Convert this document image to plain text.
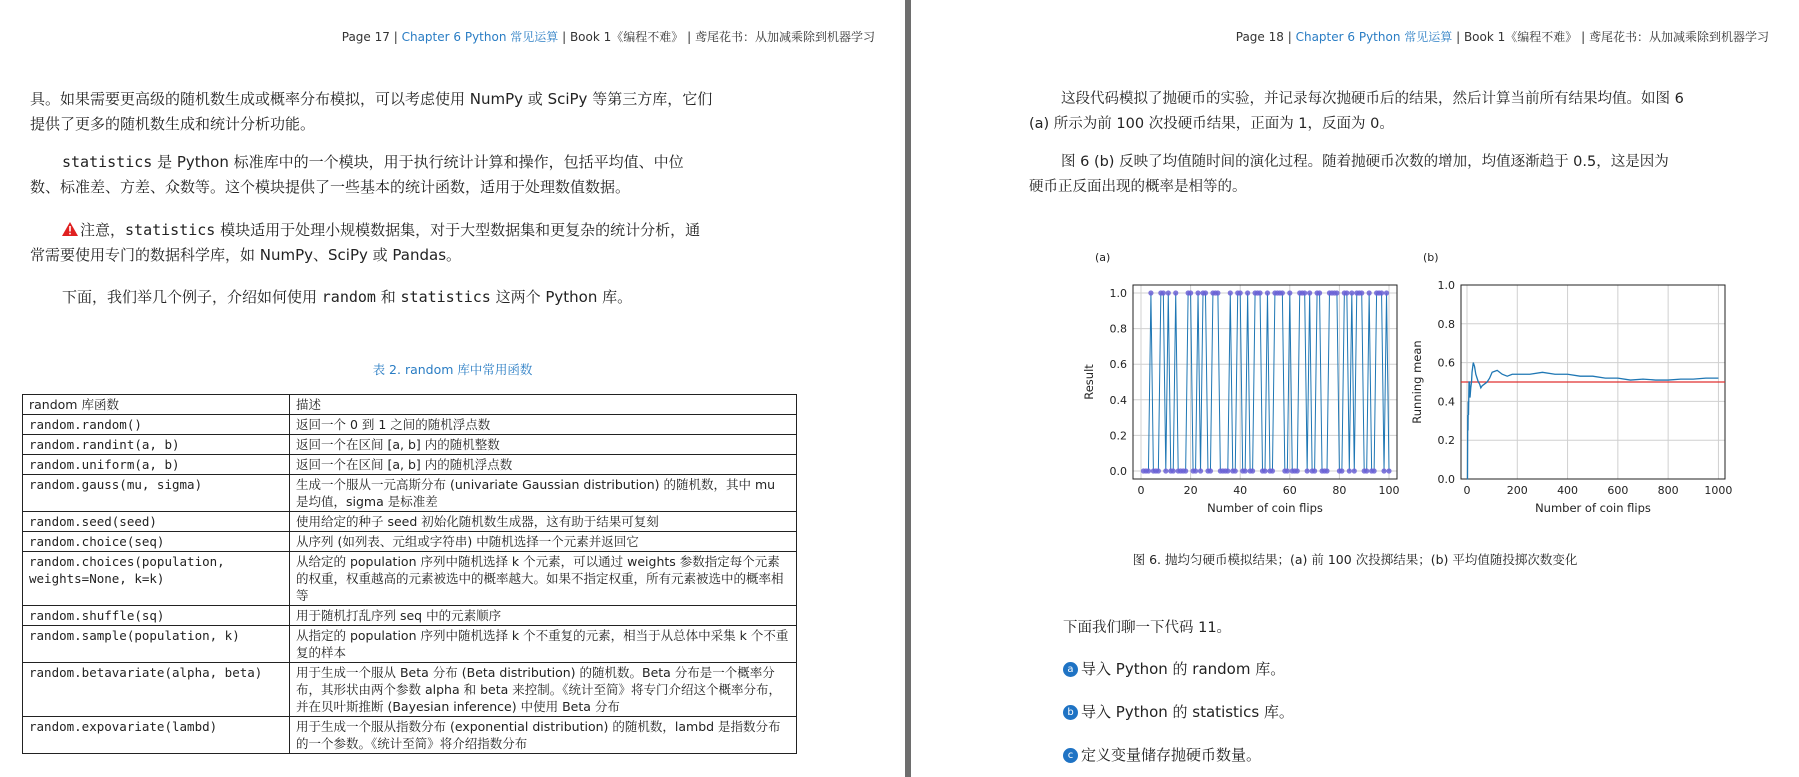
Page 17 | Chapter 6 Python 常见运算 | Book 1《编程不难》 | 鸢尾花书：从加减乘除到机器学习
具。如果需要更高级的随机数生成或概率分布模拟，可以考虑使用 NumPy 或 SciPy 等第三方库，它们
提供了更多的随机数生成和统计分析功能。
statistics 是 Python 标准库中的一个模块，用于执行统计计算和操作，包括平均值、中位
数、标准差、方差、众数等。这个模块提供了一些基本的统计函数，适用于处理数值数据。
注意，statistics 模块适用于处理小规模数据集，对于大型数据集和更复杂的统计分析，通
常需要使用专门的数据科学库，如 NumPy、SciPy 或 Pandas。
下面，我们举几个例子，介绍如何使用 random 和 statistics 这两个 Python 库。
表 2. random 库中常用函数
random 库函数	描述
random.random()	返回一个 0 到 1 之间的随机浮点数
random.randint(a, b)	返回一个在区间 [a, b] 内的随机整数
random.uniform(a, b)	返回一个在区间 [a, b] 内的随机浮点数
random.gauss(mu, sigma)	生成一个服从一元高斯分布 (univariate Gaussian distribution) 的随机数，其中 mu 是均值，sigma 是标准差
random.seed(seed)	使用给定的种子 seed 初始化随机数生成器，这有助于结果可复刻
random.choice(seq)	从序列 (如列表、元组或字符串) 中随机选择一个元素并返回它
random.choices(population, weights=None, k=k)	从给定的 population 序列中随机选择 k 个元素，可以通过 weights 参数指定每个元素的权重，权重越高的元素被选中的概率越大。如果不指定权重，所有元素被选中的概率相等
random.shuffle(sq)	用于随机打乱序列 seq 中的元素顺序
random.sample(population, k)	从指定的 population 序列中随机选择 k 个不重复的元素，相当于从总体中采集 k 个不重复的样本
random.betavariate(alpha, beta)	用于生成一个服从 Beta 分布 (Beta distribution) 的随机数。Beta 分布是一个概率分布，其形状由两个参数 alpha 和 beta 来控制。《统计至简》将专门介绍这个概率分布，并在贝叶斯推断 (Bayesian inference) 中使用 Beta 分布
random.expovariate(lambd)	用于生成一个服从指数分布 (exponential distribution) 的随机数，lambd 是指数分布的一个参数。《统计至简》将介绍指数分布
Page 18 | Chapter 6 Python 常见运算 | Book 1《编程不难》 | 鸢尾花书：从加减乘除到机器学习
这段代码模拟了抛硬币的实验，并记录每次抛硬币后的结果，然后计算当前所有结果均值。如图 6
(a) 所示为前 100 次投硬币结果，正面为 1，反面为 0。
图 6 (b) 反映了均值随时间的演化过程。随着抛硬币次数的增加，均值逐渐趋于 0.5，这是因为
硬币正反面出现的概率是相等的。
(a)
0.0
0.2
0.4
0.6
0.8
1.0
0	20	40	60	80	100
Number of coin flips
Result
(b)
0.0
0.2
0.4
0.6
0.8
1.0
0	200	400	600	800 1000
Number of coin flips
Running mean
图 6. 抛均匀硬币模拟结果；(a) 前 100 次投掷结果；(b) 平均值随投掷次数变化
下面我们聊一下代码 11。
a 导入 Python 的 random 库。
b 导入 Python 的 statistics 库。
c 定义变量储存抛硬币数量。
